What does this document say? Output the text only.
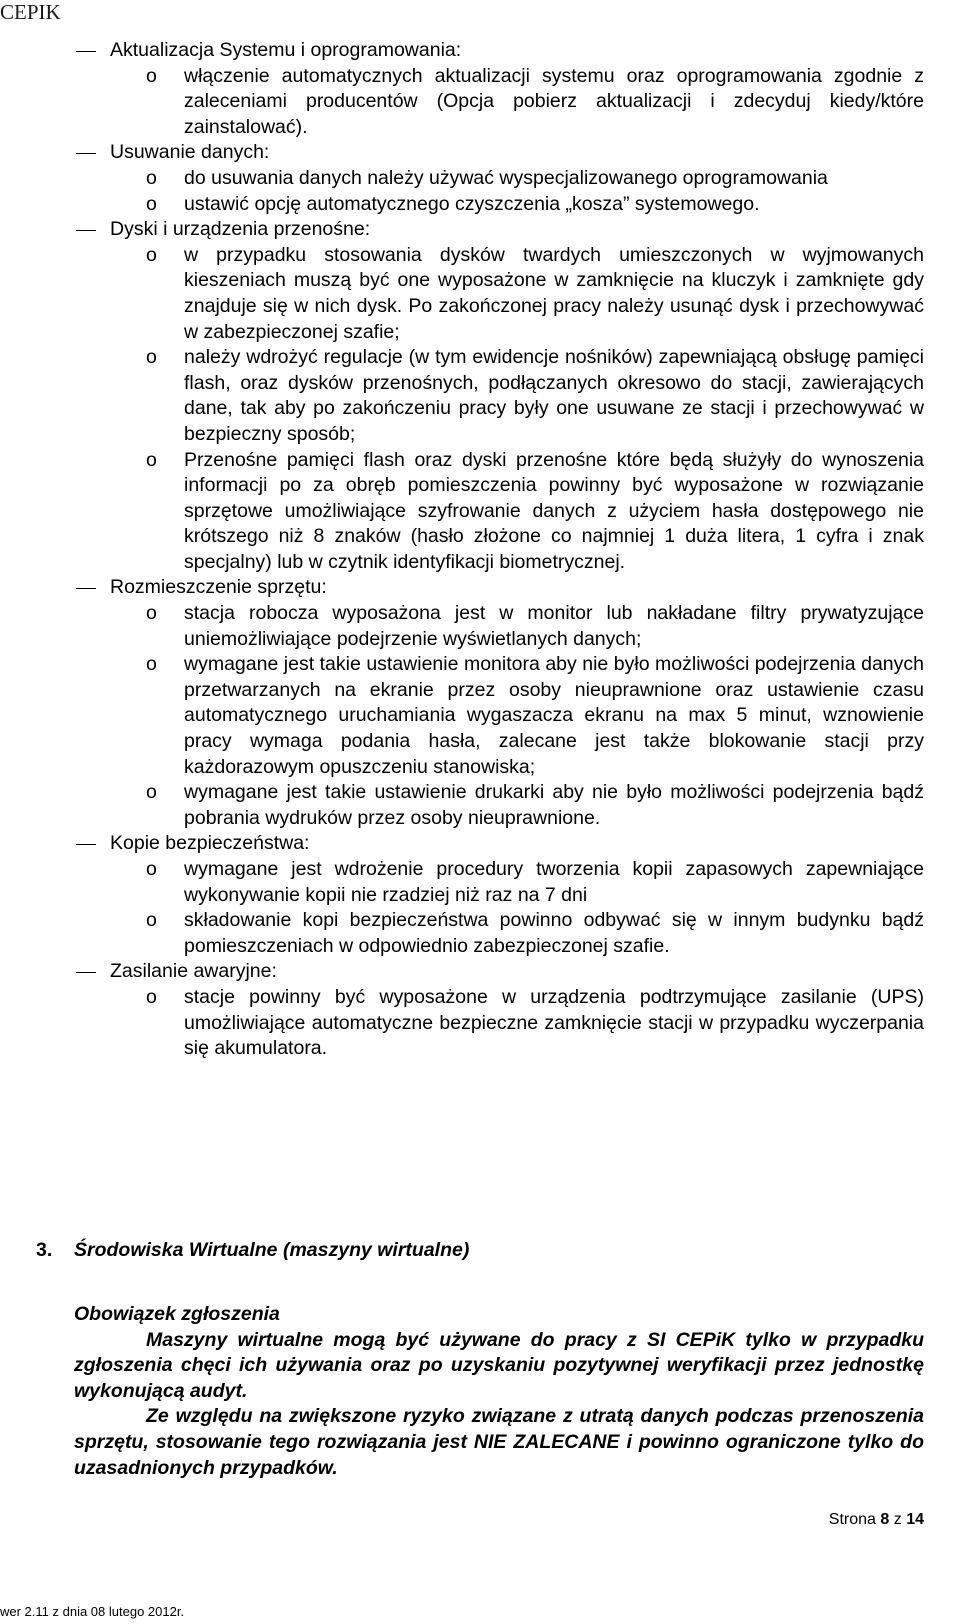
CEPIK
Aktualizacja Systemu i oprogramowania:
o włączenie automatycznych aktualizacji systemu oraz oprogramowania zgodnie z zaleceniami producentów (Opcja pobierz aktualizacji i zdecyduj kiedy/które zainstalować).
Usuwanie danych:
o do usuwania danych należy używać wyspecjalizowanego oprogramowania
o ustawić opcję automatycznego czyszczenia „kosza” systemowego.
Dyski i urządzenia przenośne:
o w przypadku stosowania dysków twardych umieszczonych w wyjmowanych kieszeniach muszą być one wyposażone w zamknięcie na kluczyk i zamknięte gdy znajduje się w nich dysk. Po zakończonej pracy należy usunąć dysk i przechowywać w zabezpieczonej szafie;
o należy wdrożyć regulacje (w tym ewidencje nośników) zapewniającą obsługę pamięci flash, oraz dysków przenośnych, podłączanych okresowo do stacji, zawierających dane, tak aby po zakończeniu pracy były one usuwane ze stacji i przechowywać w bezpieczny sposób;
o Przenośne pamięci flash oraz dyski przenośne które będą służyły do wynoszenia informacji po za obręb pomieszczenia powinny być wyposażone w rozwiązanie sprzętowe umożliwiające szyfrowanie danych z użyciem hasła dostępowego nie krótszego niż 8 znaków (hasło złożone co najmniej 1 duża litera, 1 cyfra i znak specjalny) lub w czytnik identyfikacji biometrycznej.
Rozmieszczenie sprzętu:
o stacja robocza wyposażona jest w monitor lub nakładane filtry prywatyzujące uniemożliwiające podejrzenie wyświetlanych danych;
o wymagane jest takie ustawienie monitora aby nie było możliwości podejrzenia danych przetwarzanych na ekranie przez osoby nieuprawnione oraz ustawienie czasu automatycznego uruchamiania wygaszacza ekranu na max 5 minut, wznowienie pracy wymaga podania hasła, zalecane jest także blokowanie stacji przy każdorazowym opuszczeniu stanowiska;
o wymagane jest takie ustawienie drukarki aby nie było możliwości podejrzenia bądź pobrania wydruków przez osoby nieuprawnione.
Kopie bezpieczeństwa:
o wymagane jest wdrożenie procedury tworzenia kopii zapasowych zapewniające wykonywanie kopii nie rzadziej niż raz na 7 dni
o składowanie kopi bezpieczeństwa powinno odbywać się w innym budynku bądź pomieszczeniach w odpowiednio zabezpieczonej szafie.
Zasilanie awaryjne:
o stacje powinny być wyposażone w urządzenia podtrzymujące zasilanie (UPS) umożliwiające automatyczne bezpieczne zamknięcie stacji w przypadku wyczerpania się akumulatora.
3. Środowiska Wirtualne (maszyny wirtualne)
Obowiązek zgłoszenia

Maszyny wirtualne mogą być używane do pracy z SI CEPiK tylko w przypadku zgłoszenia chęci ich używania oraz po uzyskaniu pozytywnej weryfikacji przez jednostkę wykonującą audyt.

Ze względu na zwiększone ryzyko związane z utratą danych podczas przenoszenia sprzętu, stosowanie tego rozwiązania jest NIE ZALECANE i powinno ograniczone tylko do uzasadnionych przypadków.

Strona 8 z 14
wer 2.11 z dnia 08 lutego 2012r.
